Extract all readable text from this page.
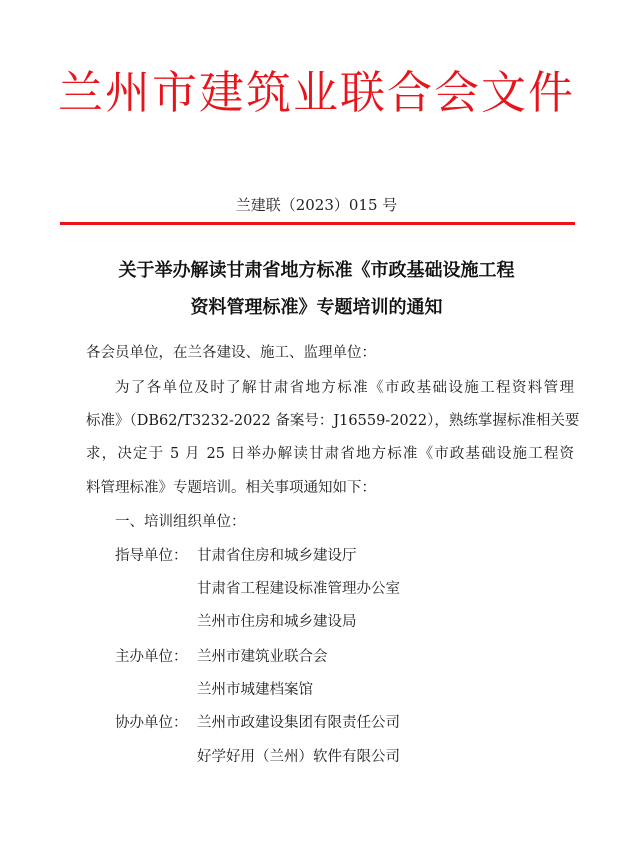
兰州市建筑业联合会文件
兰建联（2023）015 号
关于举办解读甘肃省地方标准《市政基础设施工程
资料管理标准》专题培训的通知
各会员单位，在兰各建设、施工、监理单位：
为了各单位及时了解甘肃省地方标准《市政基础设施工程资料管理
标准》（DB62/T3232-2022 备案号：J16559-2022），熟练掌握标准相关要
求，决定于 5 月 25 日举办解读甘肃省地方标准《市政基础设施工程资
料管理标准》专题培训。相关事项通知如下：
一、培训组织单位：
指导单位： 甘肃省住房和城乡建设厅
甘肃省工程建设标准管理办公室
兰州市住房和城乡建设局
主办单位： 兰州市建筑业联合会
兰州市城建档案馆
协办单位： 兰州市政建设集团有限责任公司
好学好用（兰州）软件有限公司
